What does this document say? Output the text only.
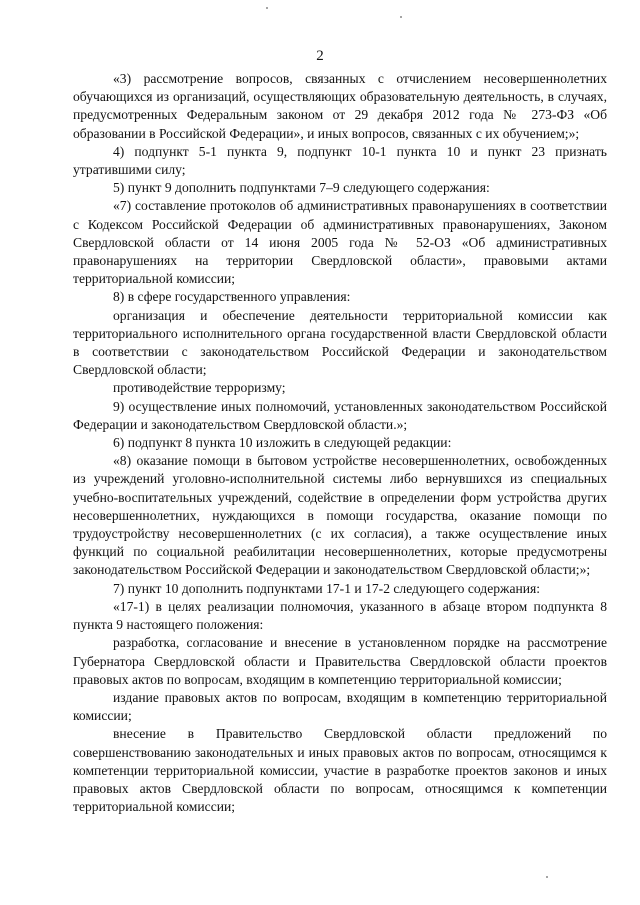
2

«3) рассмотрение вопросов, связанных с отчислением несовершеннолетних обучающихся из организаций, осуществляющих образовательную деятельность, в случаях, предусмотренных Федеральным законом от 29 декабря 2012 года № 273-ФЗ «Об образовании в Российской Федерации», и иных вопросов, связанных с их обучением;»;

4) подпункт 5-1 пункта 9, подпункт 10-1 пункта 10 и пункт 23 признать утратившими силу;

5) пункт 9 дополнить подпунктами 7–9 следующего содержания:

«7) составление протоколов об административных правонарушениях в соответствии с Кодексом Российской Федерации об административных правонарушениях, Законом Свердловской области от 14 июня 2005 года № 52-ОЗ «Об административных правонарушениях на территории Свердловской области», правовыми актами территориальной комиссии;

8) в сфере государственного управления:

организация и обеспечение деятельности территориальной комиссии как территориального исполнительного органа государственной власти Свердловской области в соответствии с законодательством Российской Федерации и законодательством Свердловской области;

противодействие терроризму;

9) осуществление иных полномочий, установленных законодательством Российской Федерации и законодательством Свердловской области.»;

6) подпункт 8 пункта 10 изложить в следующей редакции:

«8) оказание помощи в бытовом устройстве несовершеннолетних, освобожденных из учреждений уголовно-исполнительной системы либо вернувшихся из специальных учебно-воспитательных учреждений, содействие в определении форм устройства других несовершеннолетних, нуждающихся в помощи государства, оказание помощи по трудоустройству несовершеннолетних (с их согласия), а также осуществление иных функций по социальной реабилитации несовершеннолетних, которые предусмотрены законодательством Российской Федерации и законодательством Свердловской области;»;

7) пункт 10 дополнить подпунктами 17-1 и 17-2 следующего содержания:

«17-1) в целях реализации полномочия, указанного в абзаце втором подпункта 8 пункта 9 настоящего положения:

разработка, согласование и внесение в установленном порядке на рассмотрение Губернатора Свердловской области и Правительства Свердловской области проектов правовых актов по вопросам, входящим в компетенцию территориальной комиссии;

издание правовых актов по вопросам, входящим в компетенцию территориальной комиссии;

внесение в Правительство Свердловской области предложений по совершенствованию законодательных и иных правовых актов по вопросам, относящимся к компетенции территориальной комиссии, участие в разработке проектов законов и иных правовых актов Свердловской области по вопросам, относящимся к компетенции территориальной комиссии;
